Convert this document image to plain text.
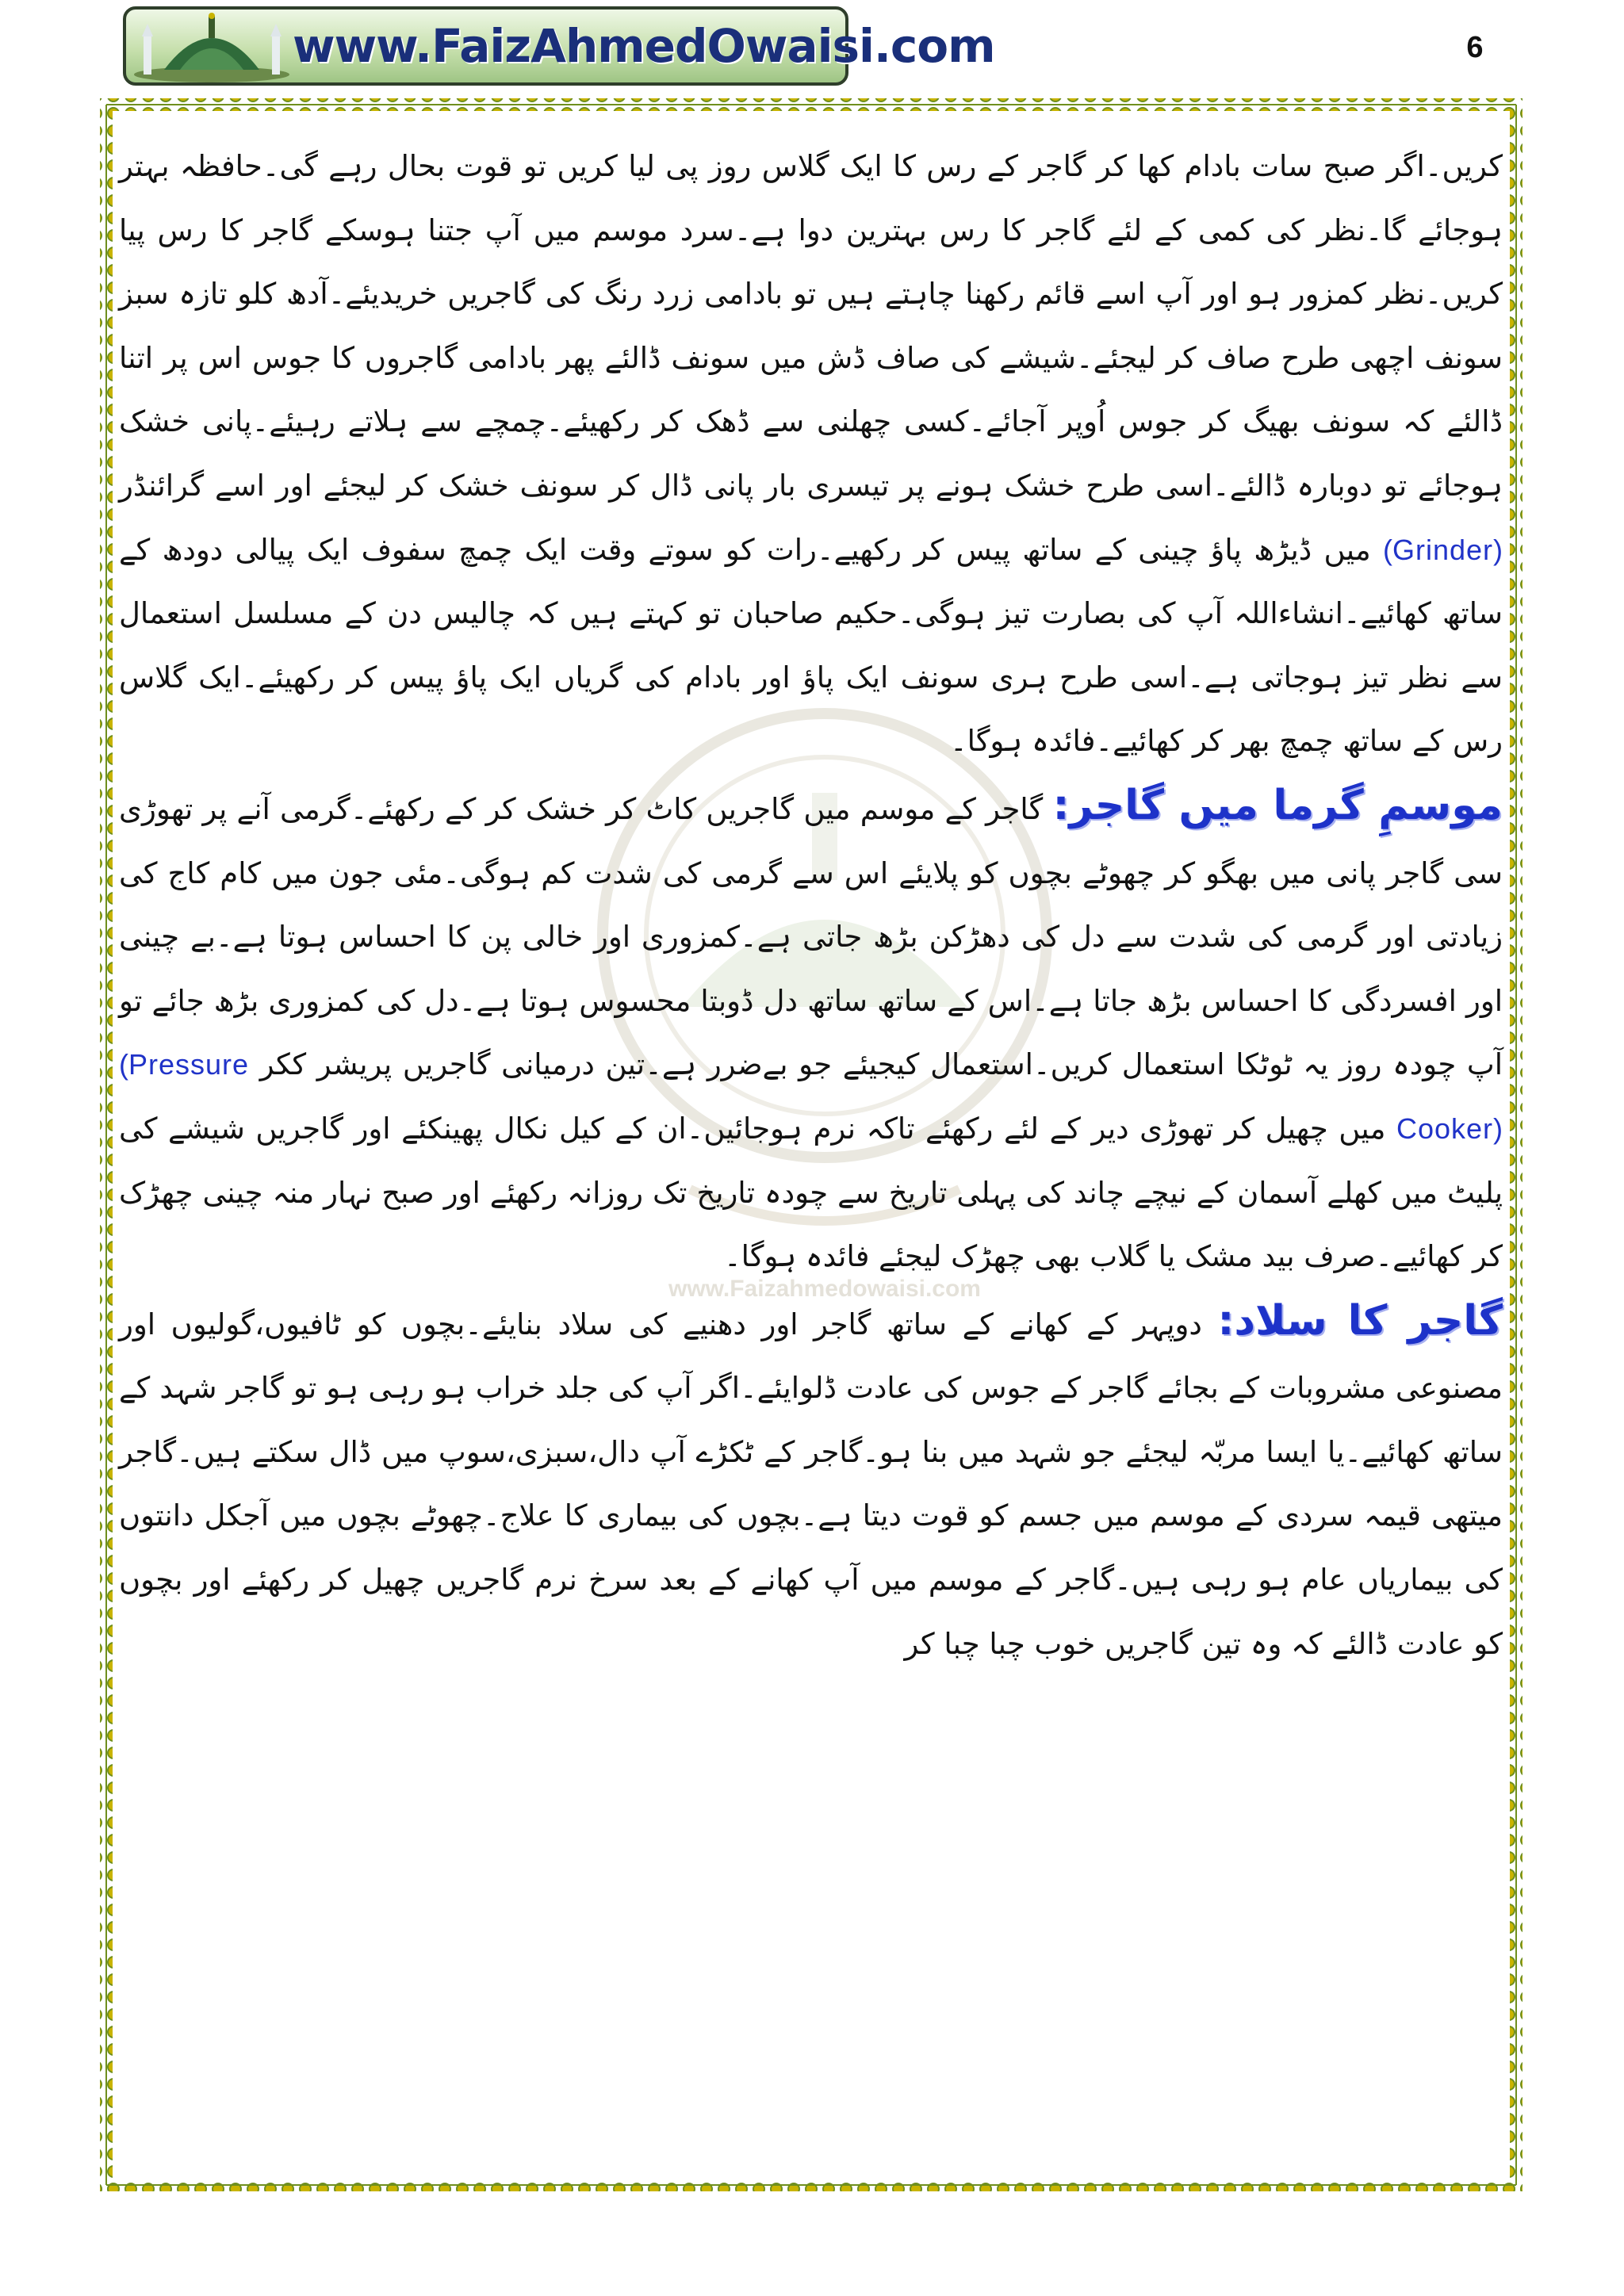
www.Faizahmedowaisi.com
www.FaizAhmedOwaisi.com	6

کریں۔اگر صبح سات بادام کھا کر گاجر کے رس کا ایک گلاس روز پی لیا کریں تو قوت بحال رہے گی۔حافظہ بہتر ہوجائے گا۔نظر کی کمی کے لئے گاجر کا رس بہترین دوا ہے۔سرد موسم میں آپ جتنا ہوسکے گاجر کا رس پیا کریں۔نظر کمزور ہو اور آپ اسے قائم رکھنا چاہتے ہیں تو بادامی زرد رنگ کی گاجریں خریدیئے۔آدھ کلو تازہ سبز سونف اچھی طرح صاف کر لیجئے۔شیشے کی صاف ڈش میں سونف ڈالئے پھر بادامی گاجروں کا جوس اس پر اتنا ڈالئے کہ سونف بھیگ کر جوس اُوپر آجائے۔کسی چھلنی سے ڈھک کر رکھیئے۔چمچے سے ہلاتے رہیئے۔پانی خشک ہوجائے تو دوبارہ ڈالئے۔اسی طرح خشک ہونے پر تیسری بار پانی ڈال کر سونف خشک کر لیجئے اور اسے گرائنڈر (Grinder) میں ڈیڑھ پاؤ چینی کے ساتھ پیس کر رکھیے۔رات کو سوتے وقت ایک چمچ سفوف ایک پیالی دودھ کے ساتھ کھائیے۔انشاءاللہ آپ کی بصارت تیز ہوگی۔حکیم صاحبان تو کہتے ہیں کہ چالیس دن کے مسلسل استعمال سے نظر تیز ہوجاتی ہے۔اسی طرح ہری سونف ایک پاؤ اور بادام کی گریاں ایک پاؤ پیس کر رکھیئے۔ایک گلاس رس کے ساتھ چمچ بھر کر کھائیے۔فائدہ ہوگا۔

موسمِ گرما میں گاجر: گاجر کے موسم میں گاجریں کاٹ کر خشک کر کے رکھئے۔گرمی آنے پر تھوڑی سی گاجر پانی میں بھگو کر چھوٹے بچوں کو پلایئے اس سے گرمی کی شدت کم ہوگی۔مئی جون میں کام کاج کی زیادتی اور گرمی کی شدت سے دل کی دھڑکن بڑھ جاتی ہے۔کمزوری اور خالی پن کا احساس ہوتا ہے۔بے چینی اور افسردگی کا احساس بڑھ جاتا ہے۔اس کے ساتھ ساتھ دل ڈوبتا محسوس ہوتا ہے۔دل کی کمزوری بڑھ جائے تو آپ چودہ روز یہ ٹوٹکا استعمال کریں۔استعمال کیجیئے جو بےضرر ہے۔تین درمیانی گاجریں پریشر ککر (Pressure Cooker) میں چھیل کر تھوڑی دیر کے لئے رکھئے تاکہ نرم ہوجائیں۔ان کے کیل نکال پھینکئے اور گاجریں شیشے کی پلیٹ میں کھلے آسمان کے نیچے چاند کی پہلی تاریخ سے چودہ تاریخ تک روزانہ رکھئے اور صبح نہار منہ چینی چھڑک کر کھائیے۔صرف بید مشک یا گلاب بھی چھڑک لیجئے فائدہ ہوگا۔

گاجر کا سلاد: دوپہر کے کھانے کے ساتھ گاجر اور دھنیے کی سلاد بنایئے۔بچوں کو ٹافیوں،گولیوں اور مصنوعی مشروبات کے بجائے گاجر کے جوس کی عادت ڈلوایئے۔اگر آپ کی جلد خراب ہو رہی ہو تو گاجر شہد کے ساتھ کھائیے۔یا ایسا مربّہ لیجئے جو شہد میں بنا ہو۔گاجر کے ٹکڑے آپ دال،سبزی،سوپ میں ڈال سکتے ہیں۔گاجر میتھی قیمہ سردی کے موسم میں جسم کو قوت دیتا ہے۔بچوں کی بیماری کا علاج۔چھوٹے بچوں میں آجکل دانتوں کی بیماریاں عام ہو رہی ہیں۔گاجر کے موسم میں آپ کھانے کے بعد سرخ نرم گاجریں چھیل کر رکھئے اور بچوں کو عادت ڈالئے کہ وہ تین گاجریں خوب چبا چبا کر
